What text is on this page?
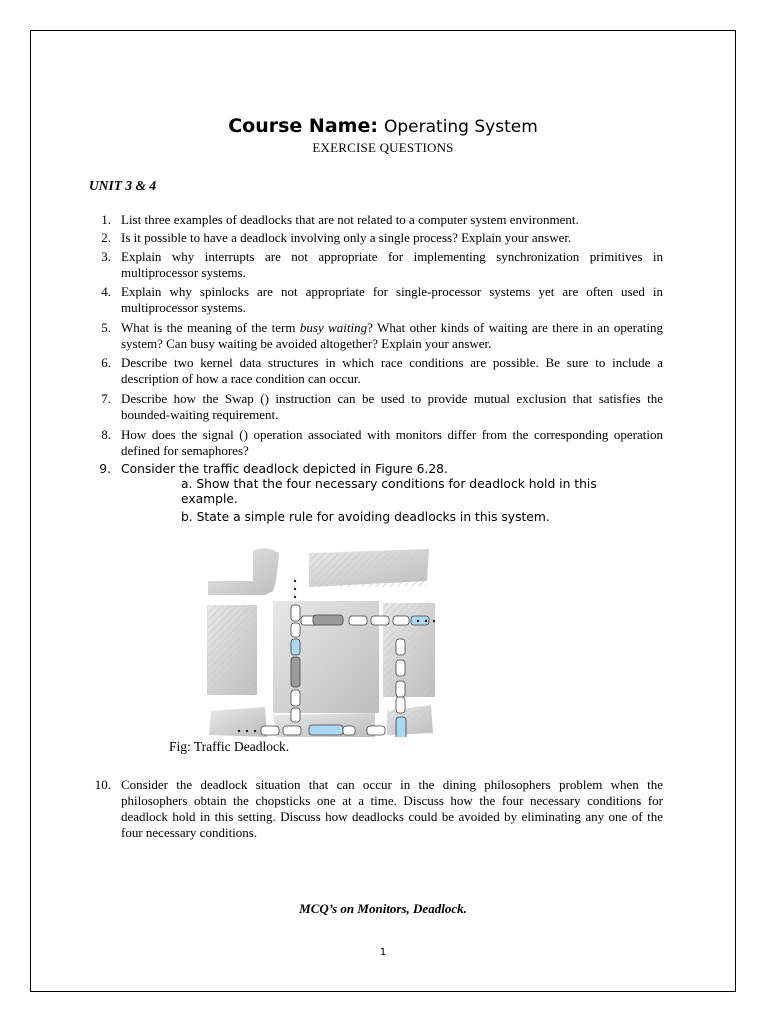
Course Name: Operating System
EXERCISE QUESTIONS
UNIT 3 & 4
1. List three examples of deadlocks that are not related to a computer system environment.
2. Is it possible to have a deadlock involving only a single process? Explain your answer.
3. Explain why interrupts are not appropriate for implementing synchronization primitives in multiprocessor systems.
4. Explain why spinlocks are not appropriate for single-processor systems yet are often used in multiprocessor systems.
5. What is the meaning of the term busy waiting? What other kinds of waiting are there in an operating system? Can busy waiting be avoided altogether? Explain your answer.
6. Describe two kernel data structures in which race conditions are possible. Be sure to include a description of how a race condition can occur.
7. Describe how the Swap () instruction can be used to provide mutual exclusion that satisfies the bounded-waiting requirement.
8. How does the signal () operation associated with monitors differ from the corresponding operation defined for semaphores?
9. Consider the traffic deadlock depicted in Figure 6.28.
a. Show that the four necessary conditions for deadlock hold in this example.
b. State a simple rule for avoiding deadlocks in this system.
Fig: Traffic Deadlock.
10. Consider the deadlock situation that can occur in the dining philosophers problem when the philosophers obtain the chopsticks one at a time. Discuss how the four necessary conditions for deadlock hold in this setting. Discuss how deadlocks could be avoided by eliminating any one of the four necessary conditions.
MCQ’s on Monitors, Deadlock.
1
